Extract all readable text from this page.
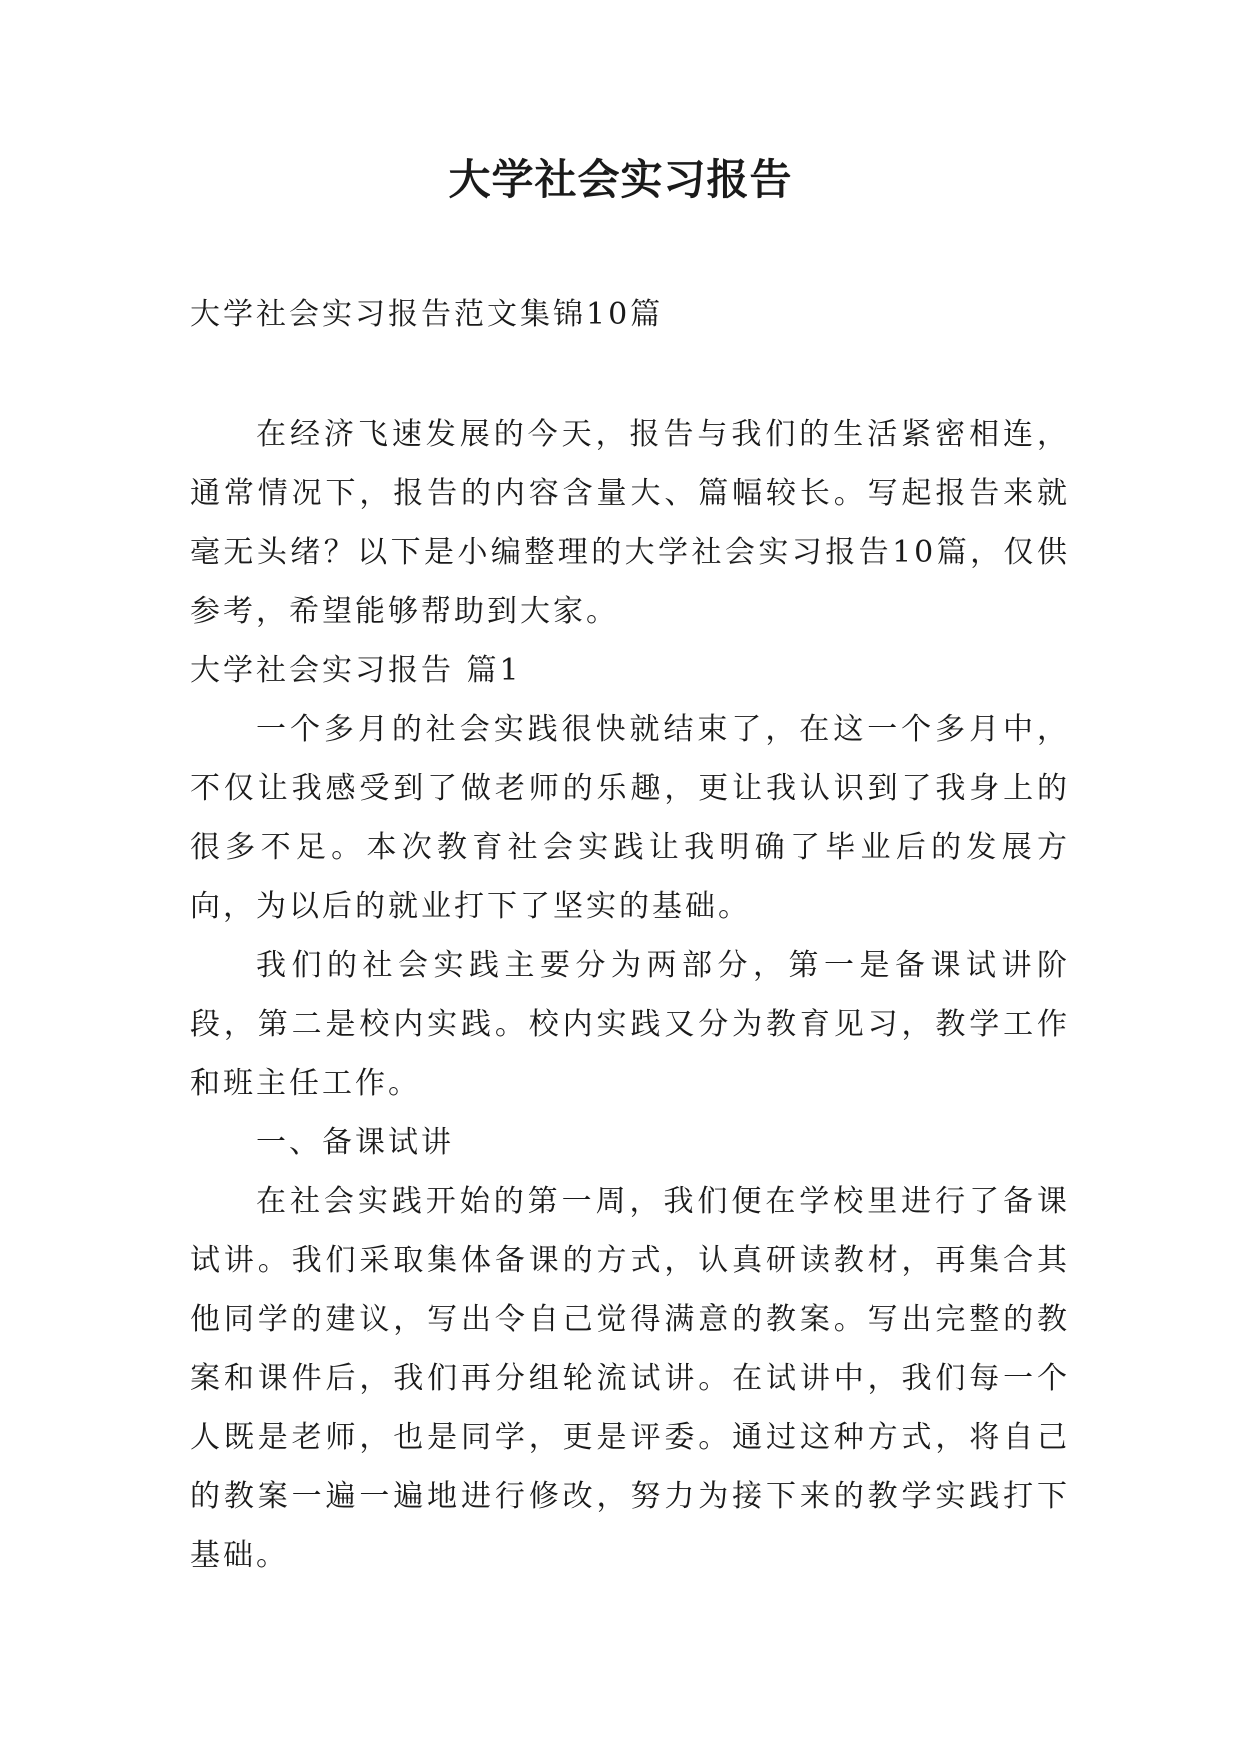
大学社会实习报告
大学社会实习报告范文集锦10篇

在经济飞速发展的今天，报告与我们的生活紧密相连，通常情况下，报告的内容含量大、篇幅较长。写起报告来就毫无头绪？以下是小编整理的大学社会实习报告10篇，仅供参考，希望能够帮助到大家。

大学社会实习报告 篇1

一个多月的社会实践很快就结束了，在这一个多月中，不仅让我感受到了做老师的乐趣，更让我认识到了我身上的很多不足。本次教育社会实践让我明确了毕业后的发展方向，为以后的就业打下了坚实的基础。

我们的社会实践主要分为两部分，第一是备课试讲阶段，第二是校内实践。校内实践又分为教育见习，教学工作和班主任工作。

一、备课试讲

在社会实践开始的第一周，我们便在学校里进行了备课试讲。我们采取集体备课的方式，认真研读教材，再集合其他同学的建议，写出令自己觉得满意的教案。写出完整的教案和课件后，我们再分组轮流试讲。在试讲中，我们每一个人既是老师，也是同学，更是评委。通过这种方式，将自己的教案一遍一遍地进行修改，努力为接下来的教学实践打下基础。
